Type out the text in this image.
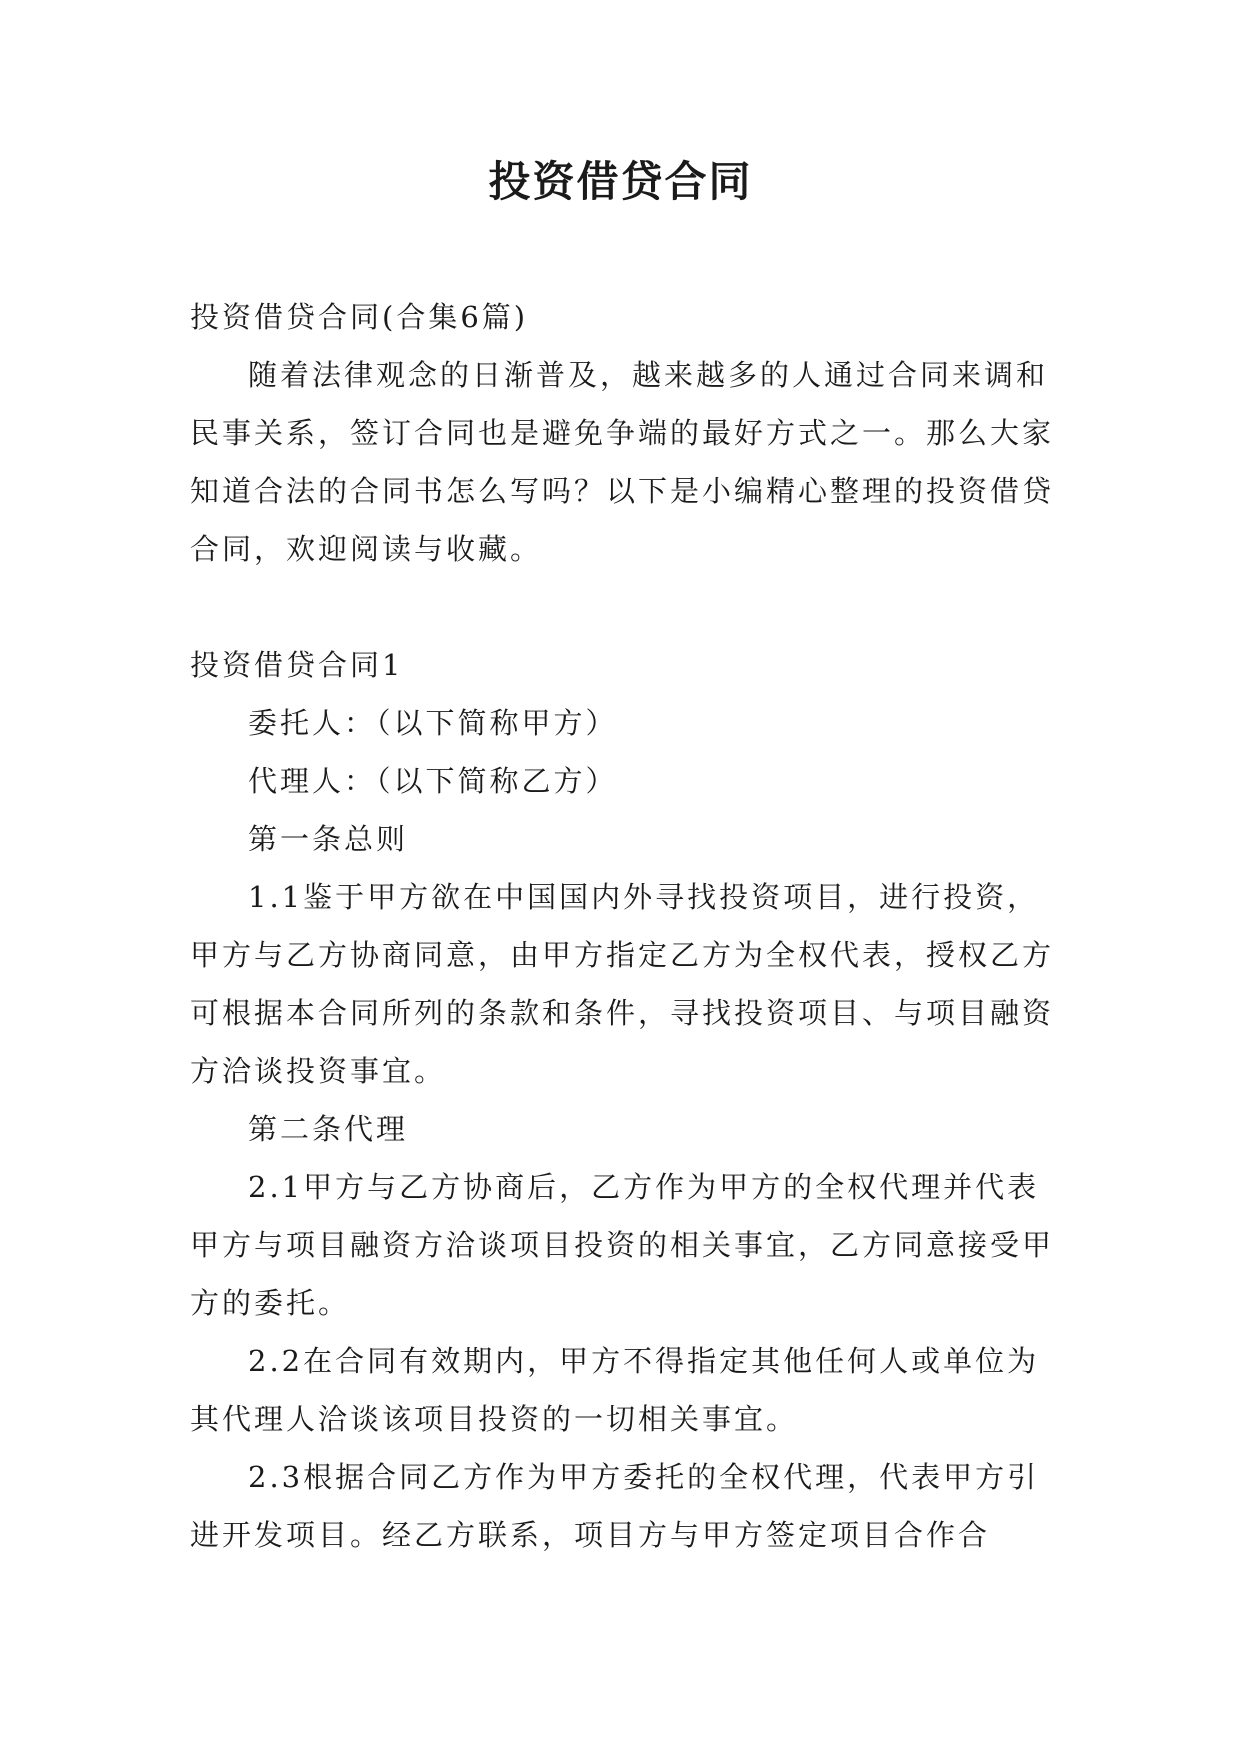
投资借贷合同

投资借贷合同(合集6篇)

随着法律观念的日渐普及，越来越多的人通过合同来调和民事关系，签订合同也是避免争端的最好方式之一。那么大家知道合法的合同书怎么写吗？以下是小编精心整理的投资借贷合同，欢迎阅读与收藏。

投资借贷合同1

委托人：（以下简称甲方）

代理人：（以下简称乙方）

第一条总则

1.1鉴于甲方欲在中国国内外寻找投资项目，进行投资，甲方与乙方协商同意，由甲方指定乙方为全权代表，授权乙方可根据本合同所列的条款和条件，寻找投资项目、与项目融资方洽谈投资事宜。

第二条代理

2.1甲方与乙方协商后，乙方作为甲方的全权代理并代表甲方与项目融资方洽谈项目投资的相关事宜，乙方同意接受甲方的委托。

2.2在合同有效期内，甲方不得指定其他任何人或单位为其代理人洽谈该项目投资的一切相关事宜。

2.3根据合同乙方作为甲方委托的全权代理，代表甲方引进开发项目。经乙方联系，项目方与甲方签定项目合作合
